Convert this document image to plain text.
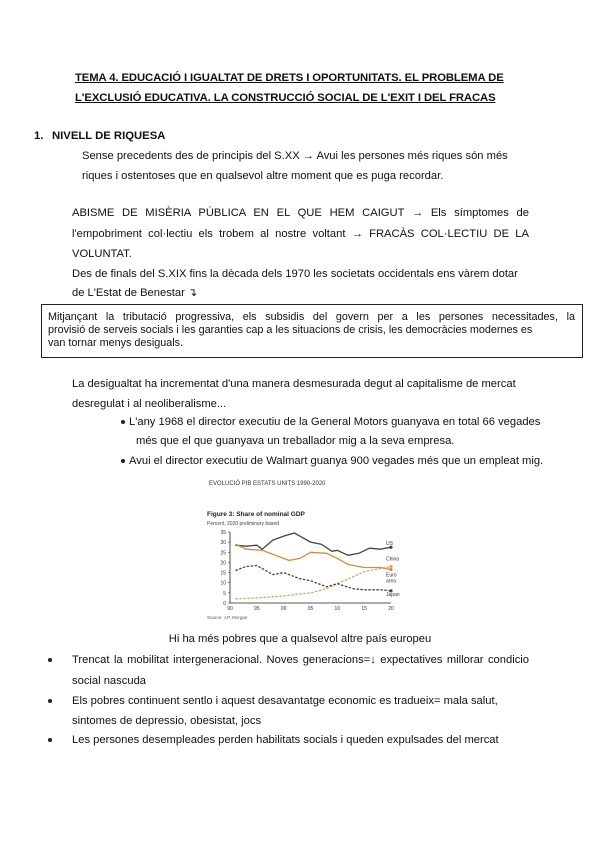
TEMA 4. EDUCACIÓ I IGUALTAT DE DRETS I OPORTUNITATS. EL PROBLEMA DE
L'EXCLUSIÓ EDUCATIVA. LA CONSTRUCCIÓ SOCIAL DE L'EXIT I DEL FRACAS
1. NIVELL DE RIQUESA
Sense precedents des de principis del S.XX → Avui les persones més riques són més
riques i ostentoses que en qualsevol altre moment que es puga recordar.
ABISME DE MISÈRIA PÚBLICA EN EL QUE HEM CAIGUT → Els símptomes de
l'empobriment col·lectiu els trobem al nostre voltant → FRACÀS COL·LECTIU DE LA
VOLUNTAT.
Des de finals del S.XIX fins la dècada dels 1970 les societats occidentals ens vàrem dotar
de L'Estat de Benestar ↴
Mitjançant la tributació progressiva, els subsidis del govern per a les persones necessitades, la
provisió de serveis socials i les garanties cap a les situacions de crisis, les democràcies modernes es
van tornar menys desiguals.
La desigualtat ha incrementat d'una manera desmesurada degut al capitalisme de mercat
desregulat i al neoliberalisme...
L'any 1968 el director executiu de la General Motors guanyava en total 66 vegades
més que el que guanyava un treballador mig a la seva empresa.
Avui el director executiu de Walmart guanya 900 vegades més que un empleat mig.
EVOLUCIÓ PIB ESTATS UNITS 1990-2020
Figure 3: Share of nominal GDP
Percent, 2020 preliminary based
0
5
10
15
20
25
30
35
90	95	00	05	10	15	20
US
China
Euro
area
Japan
Source: J.P. Morgan
Hi ha més pobres que a qualsevol altre país europeu
Trencat la mobilitat intergeneracional. Noves generacions=↓ expectatives millorar condicio
social nascuda
Els pobres continuent sentlo i aquest desavantatge economic es tradueix= mala salut,
sintomes de depressio, obesistat, jocs
Les persones desempleades perden habilitats socials i queden expulsades del mercat
